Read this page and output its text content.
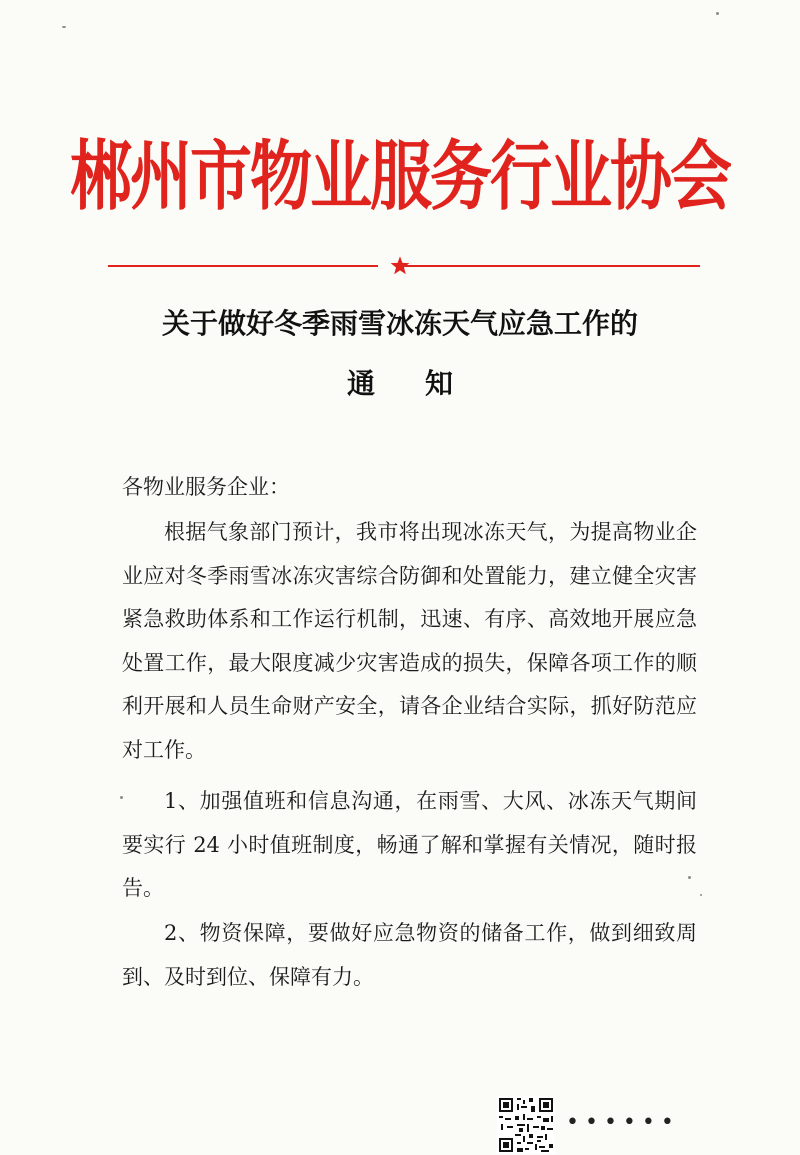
郴州市物业服务行业协会
关于做好冬季雨雪冰冻天气应急工作的
通知
各物业服务企业：
根据气象部门预计，我市将出现冰冻天气，为提高物业企业应对冬季雨雪冰冻灾害综合防御和处置能力，建立健全灾害紧急救助体系和工作运行机制，迅速、有序、高效地开展应急处置工作，最大限度减少灾害造成的损失，保障各项工作的顺利开展和人员生命财产安全，请各企业结合实际，抓好防范应对工作。
1、加强值班和信息沟通，在雨雪、大风、冰冻天气期间要实行 24 小时值班制度，畅通了解和掌握有关情况，随时报告。
2、物资保障，要做好应急物资的储备工作，做到细致周到、及时到位、保障有力。
••••••
